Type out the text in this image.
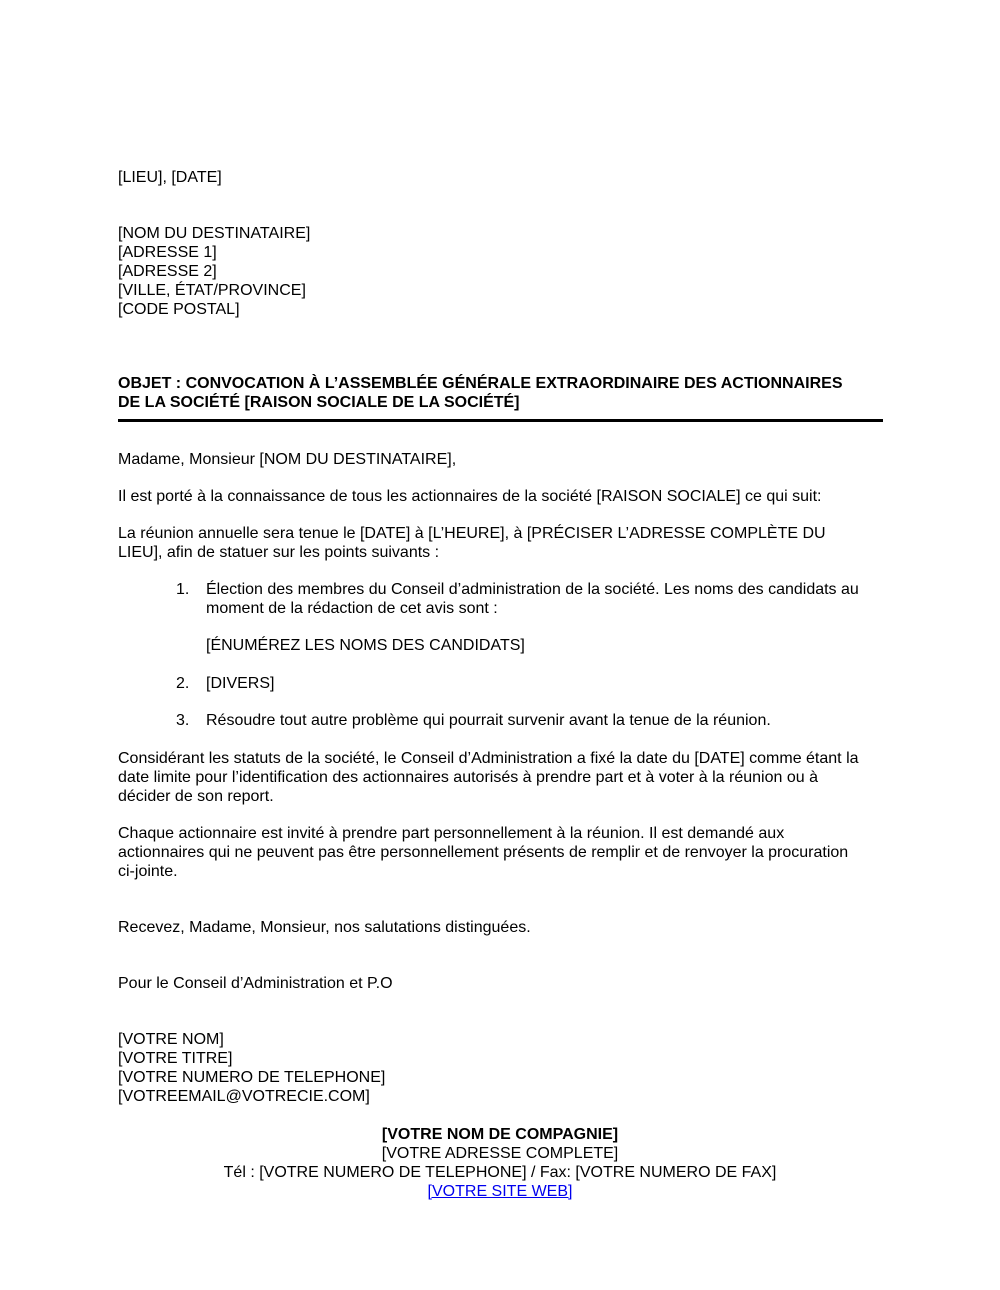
[LIEU], [DATE]
[NOM DU DESTINATAIRE]
[ADRESSE 1]
[ADRESSE 2]
[VILLE, ÉTAT/PROVINCE]
[CODE POSTAL]
OBJET : CONVOCATION À L’ASSEMBLÉE GÉNÉRALE EXTRAORDINAIRE DES ACTIONNAIRES
DE LA SOCIÉTÉ [RAISON SOCIALE DE LA SOCIÉTÉ]
Madame, Monsieur [NOM DU DESTINATAIRE],
Il est porté à la connaissance de tous les actionnaires de la société [RAISON SOCIALE] ce qui suit:
La réunion annuelle sera tenue le [DATE] à [L’HEURE], à [PRÉCISER L’ADRESSE COMPLÈTE DU
LIEU], afin de statuer sur les points suivants :
1.	Élection des membres du Conseil d’administration de la société. Les noms des candidats au
moment de la rédaction de cet avis sont :
[ÉNUMÉREZ LES NOMS DES CANDIDATS]
2.	[DIVERS]
3.	Résoudre tout autre problème qui pourrait survenir avant la tenue de la réunion.
Considérant les statuts de la société, le Conseil d’Administration a fixé la date du [DATE] comme étant la
date limite pour l’identification des actionnaires autorisés à prendre part et à voter à la réunion ou à
décider de son report.
Chaque actionnaire est invité à prendre part personnellement à la réunion. Il est demandé aux
actionnaires qui ne peuvent pas être personnellement présents de remplir et de renvoyer la procuration
ci-jointe.
Recevez, Madame, Monsieur, nos salutations distinguées.
Pour le Conseil d’Administration et P.O
[VOTRE NOM]
[VOTRE TITRE]
[VOTRE NUMERO DE TELEPHONE]
[VOTREEMAIL@VOTRECIE.COM]
[VOTRE NOM DE COMPAGNIE]
[VOTRE ADRESSE COMPLETE]
Tél : [VOTRE NUMERO DE TELEPHONE] / Fax: [VOTRE NUMERO DE FAX]
[VOTRE SITE WEB]
